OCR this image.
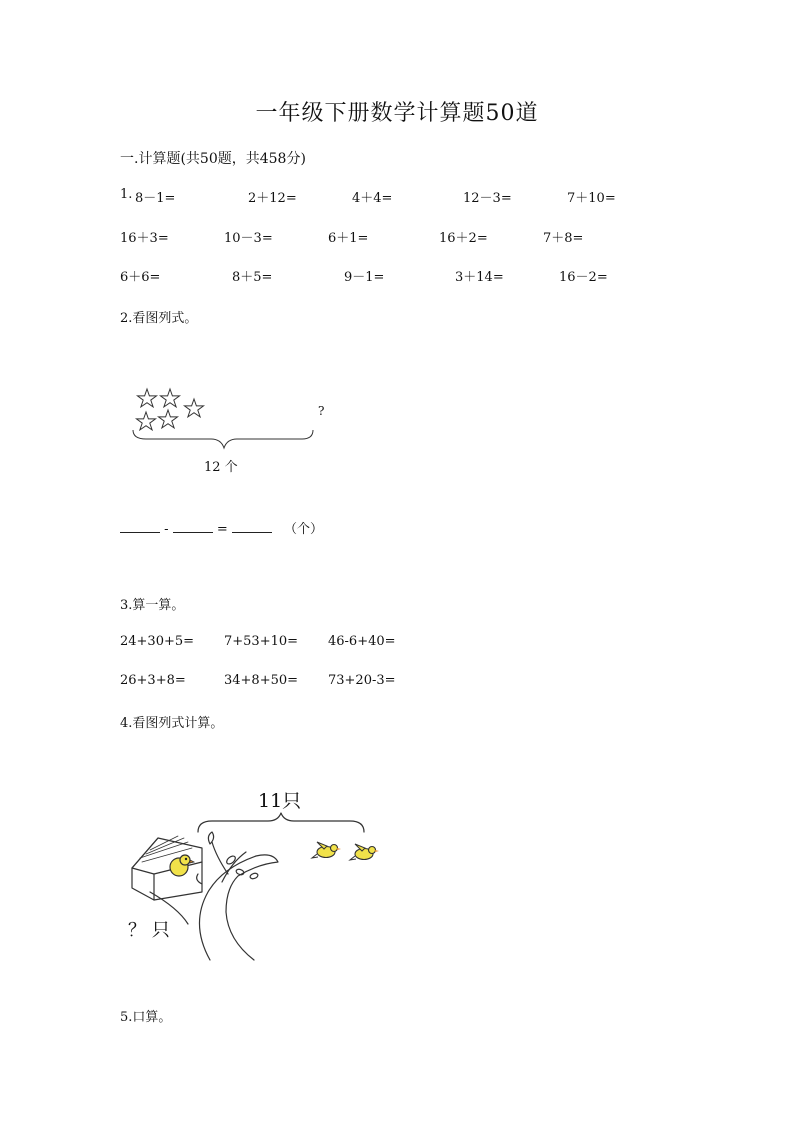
一年级下册数学计算题50道
一.计算题(共50题，共458分)
1. 8－1=	2＋12=	4＋4=	12－3=	7＋10=
16＋3=	10－3=	6＋1=	16＋2=	7＋8=
6＋6=	8＋5=	9－1=	3＋14=	16－2=
2.看图列式。
?
12 个
-	=	（个）
3.算一算。
24+30+5= 7+53+10= 46-6+40=
26+3+8=	34+8+50= 73+20-3=
4.看图列式计算。
11只
？ 只
5.口算。
